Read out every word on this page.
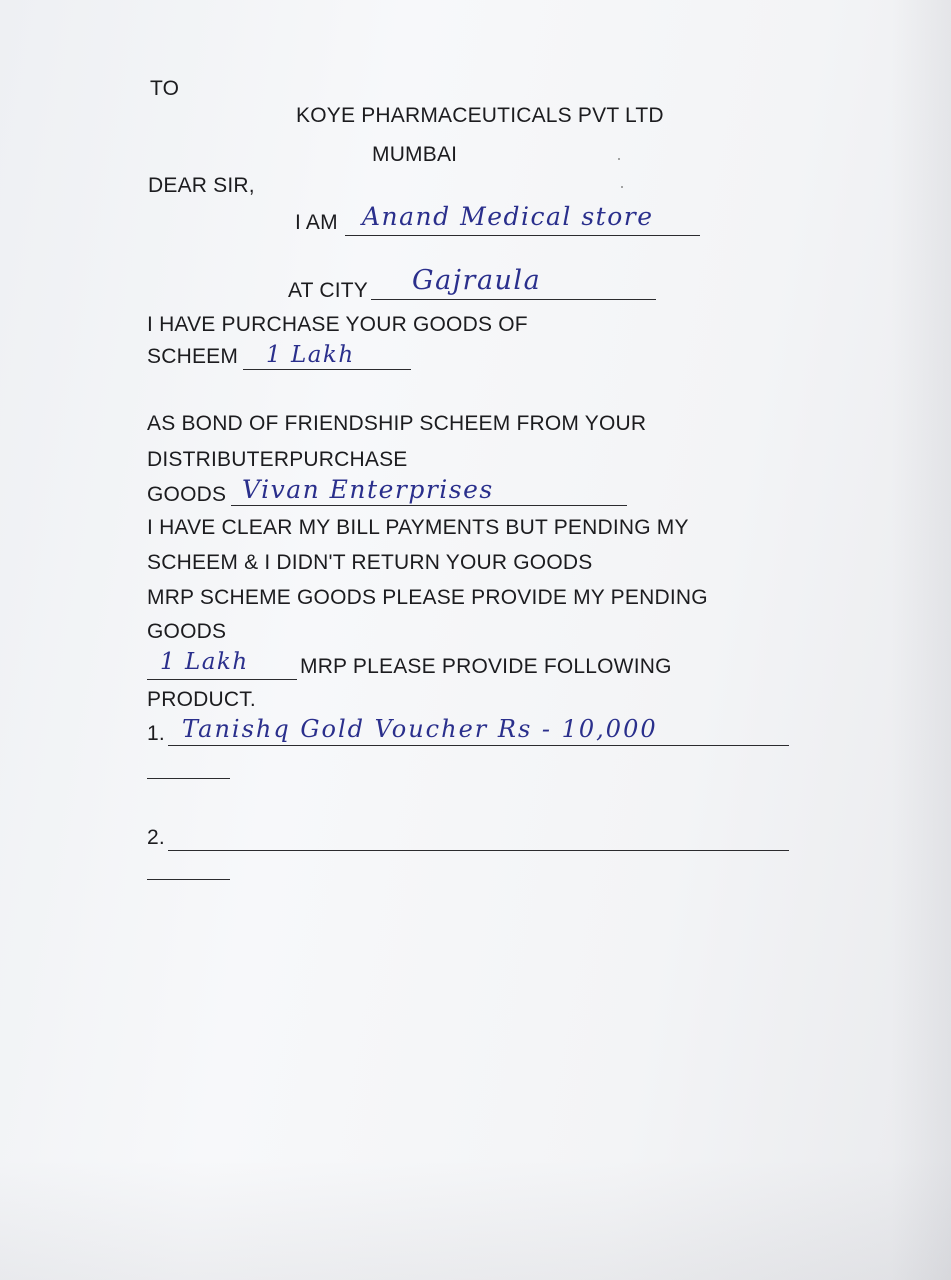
TO
KOYE PHARMACEUTICALS PVT LTD
MUMBAI
DEAR SIR,
I AM Anand Medical store
AT CITY Gajraula
I HAVE PURCHASE YOUR GOODS OF
SCHEEM 1 Lakh
AS BOND OF FRIENDSHIP SCHEEM FROM YOUR
DISTRIBUTERPURCHASE
GOODS Vivan Enterprises
I HAVE CLEAR MY BILL PAYMENTS BUT PENDING MY
SCHEEM & I DIDN'T RETURN YOUR GOODS
MRP SCHEME GOODS PLEASE PROVIDE MY PENDING
GOODS
1 Lakh MRP PLEASE PROVIDE FOLLOWING
PRODUCT.
1. Tanishq Gold Voucher Rs - 10,000
2.
